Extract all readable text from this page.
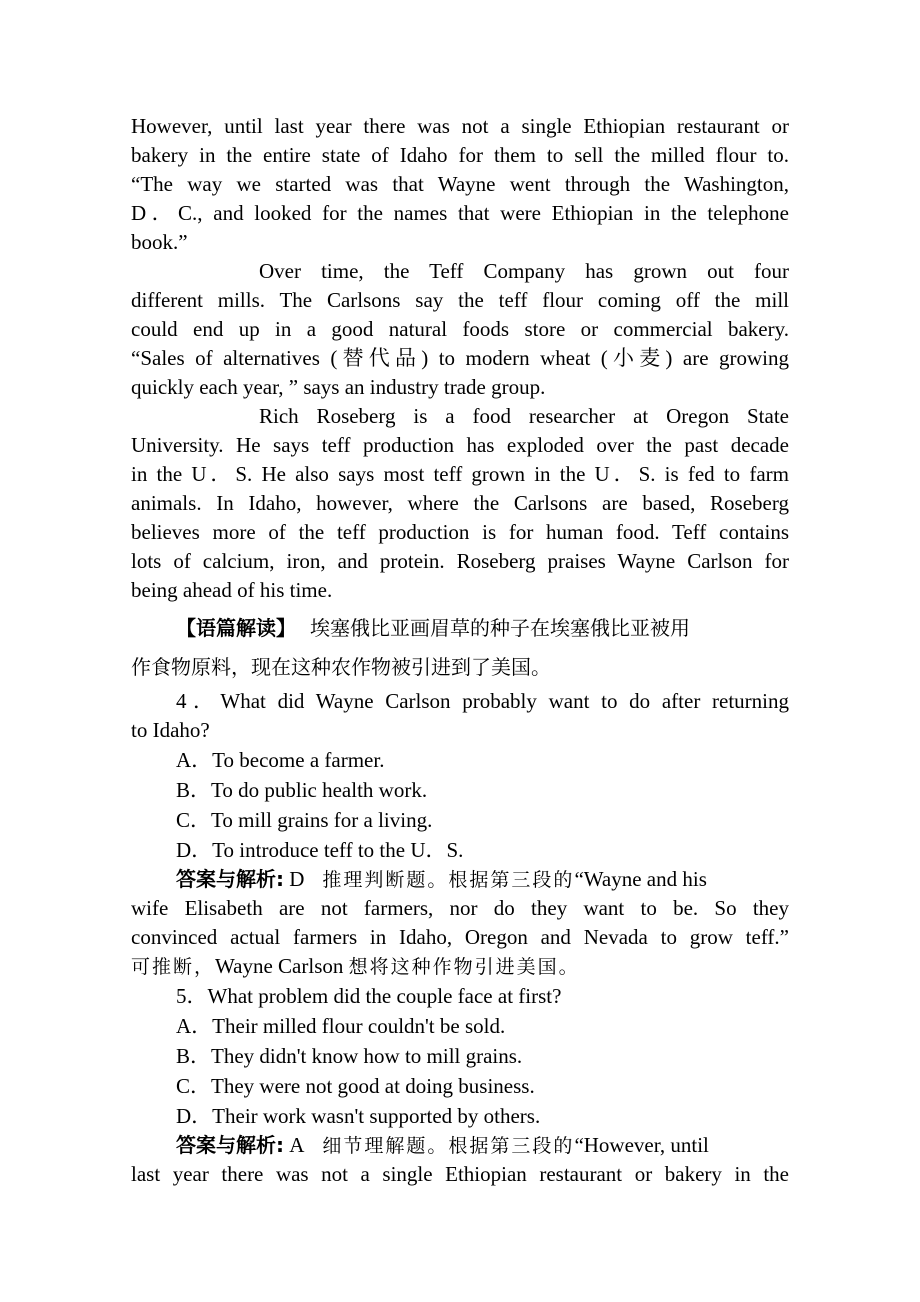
However, until last year there was not a single Ethiopian restaurant or
bakery in the entire state of Idaho for them to sell the milled flour to.
“The way we started was that Wayne went through the Washington,
D．C., and looked for the names that were Ethiopian in the telephone
book.”
Over time, the Teff Company has grown out four
different mills. The Carlsons say the teff flour coming off the mill
could end up in a good natural foods store or commercial bakery.
“Sales of alternatives (替代品) to modern wheat (小麦) are growing
quickly each year, ” says an industry trade group.
Rich Roseberg is a food researcher at Oregon State
University. He says teff production has exploded over the past decade
in the U．S. He also says most teff grown in the U．S. is fed to farm
animals. In Idaho, however, where the Carlsons are based, Roseberg
believes more of the teff production is for human food. Teff contains
lots of calcium, iron, and protein. Roseberg praises Wayne Carlson for
being ahead of his time.
【语篇解读】 埃塞俄比亚画眉草的种子在埃塞俄比亚被用
作食物原料，现在这种农作物被引进到了美国。
4．What did Wayne Carlson probably want to do after returning
to Idaho?
A．To become a farmer.
B．To do public health work.
C．To mill grains for a living.
D．To introduce teff to the U．S.
答案与解析: D 推理判断题。根据第三段的“Wayne and his
wife Elisabeth are not farmers, nor do they want to be. So they
convinced actual farmers in Idaho, Oregon and Nevada to grow teff.”
可推断，Wayne Carlson 想将这种作物引进美国。
5．What problem did the couple face at first?
A．Their milled flour couldn't be sold.
B．They didn't know how to mill grains.
C．They were not good at doing business.
D．Their work wasn't supported by others.
答案与解析: A 细节理解题。根据第三段的“However, until
last year there was not a single Ethiopian restaurant or bakery in the
